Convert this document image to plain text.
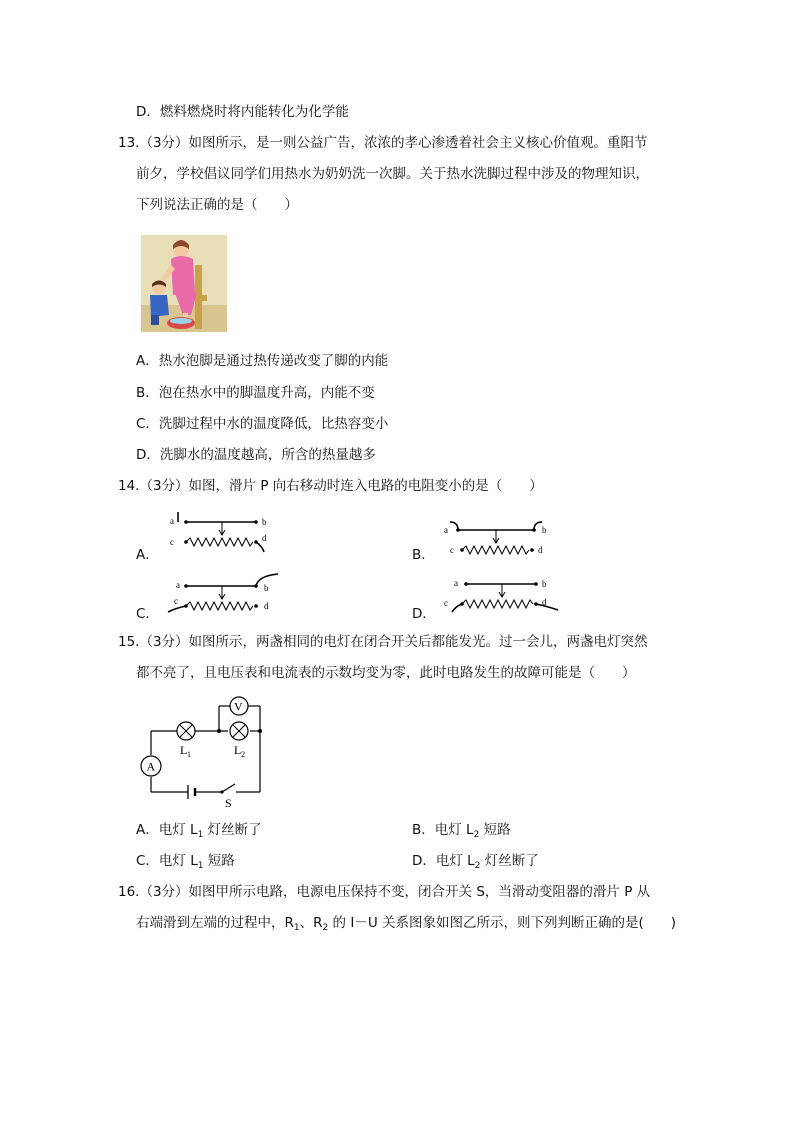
D．燃料燃烧时将内能转化为化学能
13.（3分）如图所示，是一则公益广告，浓浓的孝心渗透着社会主义核心价值观。重阳节
前夕，学校倡议同学们用热水为奶奶洗一次脚。关于热水洗脚过程中涉及的物理知识，
下列说法正确的是（　　）
A．热水泡脚是通过热传递改变了脚的内能
B．泡在热水中的脚温度升高，内能不变
C．洗脚过程中水的温度降低，比热容变小
D．洗脚水的温度越高，所含的热量越多
14.（3分）如图，滑片 P 向右移动时连入电路的电阻变小的是（　　）
A．	B．
C．	D．
a	b
c	d
a	b
c	d
a	b
c	d
a	b
c	d
15.（3分）如图所示，两盏相同的电灯在闭合开关后都能发光。过一会儿，两盏电灯突然
都不亮了，且电压表和电流表的示数均变为零，此时电路发生的故障可能是（　　）
V
A
L 1	L 2
S
A．电灯 $L_1$ 灯丝断了	B．电灯 $L_2$ 短路
C．电灯 $L_1$ 短路	D．电灯 $L_2$ 灯丝断了
16.（3分）如图甲所示电路，电源电压保持不变，闭合开关 S，当滑动变阻器的滑片 P 从
右端滑到左端的过程中，$R_1$、$R_2$ 的 I－U 关系图象如图乙所示，则下列判断正确的是(　　)
